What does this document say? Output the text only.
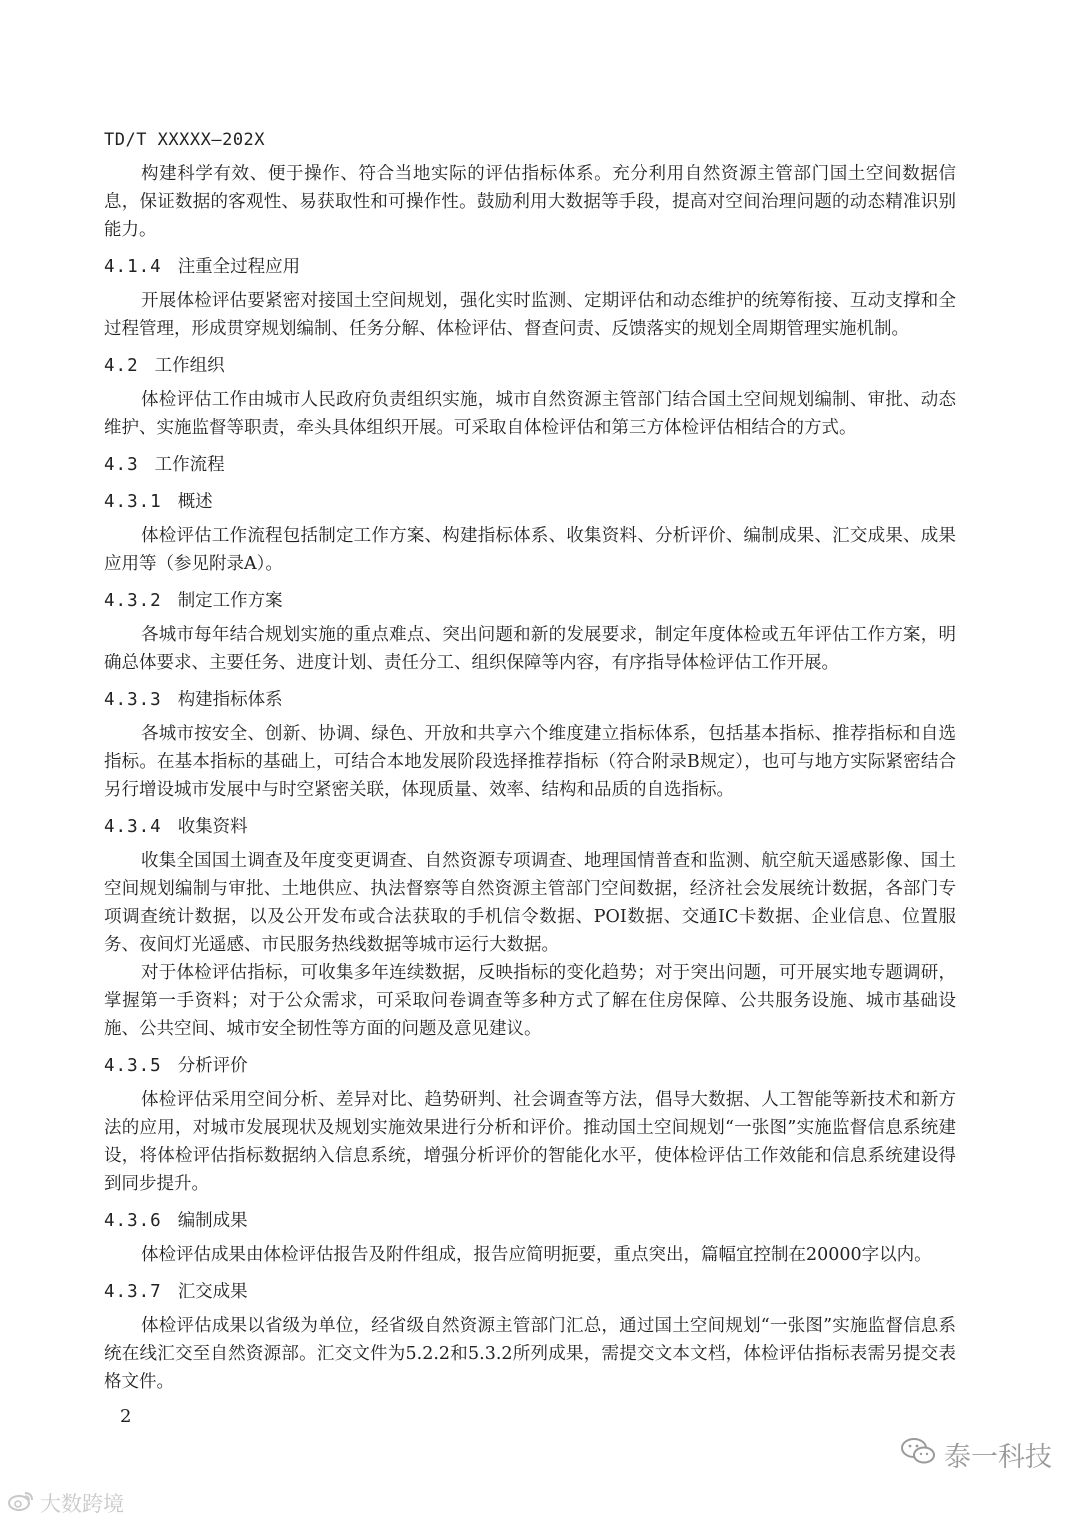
TD/T XXXXX—202X

构建科学有效、便于操作、符合当地实际的评估指标体系。充分利用自然资源主管部门国土空间数据信息，保证数据的客观性、易获取性和可操作性。鼓励利用大数据等手段，提高对空间治理问题的动态精准识别能力。

4.1.4 注重全过程应用

开展体检评估要紧密对接国土空间规划，强化实时监测、定期评估和动态维护的统筹衔接、互动支撑和全过程管理，形成贯穿规划编制、任务分解、体检评估、督查问责、反馈落实的规划全周期管理实施机制。

4.2 工作组织

体检评估工作由城市人民政府负责组织实施，城市自然资源主管部门结合国土空间规划编制、审批、动态维护、实施监督等职责，牵头具体组织开展。可采取自体检评估和第三方体检评估相结合的方式。

4.3 工作流程
4.3.1 概述

体检评估工作流程包括制定工作方案、构建指标体系、收集资料、分析评价、编制成果、汇交成果、成果应用等（参见附录A）。

4.3.2 制定工作方案

各城市每年结合规划实施的重点难点、突出问题和新的发展要求，制定年度体检或五年评估工作方案，明确总体要求、主要任务、进度计划、责任分工、组织保障等内容，有序指导体检评估工作开展。

4.3.3 构建指标体系

各城市按安全、创新、协调、绿色、开放和共享六个维度建立指标体系，包括基本指标、推荐指标和自选指标。在基本指标的基础上，可结合本地发展阶段选择推荐指标（符合附录B规定），也可与地方实际紧密结合另行增设城市发展中与时空紧密关联，体现质量、效率、结构和品质的自选指标。

4.3.4 收集资料

收集全国国土调查及年度变更调查、自然资源专项调查、地理国情普查和监测、航空航天遥感影像、国土空间规划编制与审批、土地供应、执法督察等自然资源主管部门空间数据，经济社会发展统计数据，各部门专项调查统计数据，以及公开发布或合法获取的手机信令数据、POI数据、交通IC卡数据、企业信息、位置服务、夜间灯光遥感、市民服务热线数据等城市运行大数据。

对于体检评估指标，可收集多年连续数据，反映指标的变化趋势；对于突出问题，可开展实地专题调研，掌握第一手资料；对于公众需求，可采取问卷调查等多种方式了解在住房保障、公共服务设施、城市基础设施、公共空间、城市安全韧性等方面的问题及意见建议。

4.3.5 分析评价

体检评估采用空间分析、差异对比、趋势研判、社会调查等方法，倡导大数据、人工智能等新技术和新方法的应用，对城市发展现状及规划实施效果进行分析和评价。推动国土空间规划“一张图”实施监督信息系统建设，将体检评估指标数据纳入信息系统，增强分析评价的智能化水平，使体检评估工作效能和信息系统建设得到同步提升。

4.3.6 编制成果

体检评估成果由体检评估报告及附件组成，报告应简明扼要，重点突出，篇幅宜控制在20000字以内。

4.3.7 汇交成果

体检评估成果以省级为单位，经省级自然资源主管部门汇总，通过国土空间规划“一张图”实施监督信息系统在线汇交至自然资源部。汇交文件为5.2.2和5.3.2所列成果，需提交文本文档，体检评估指标表需另提交表格文件。

2
大数跨境
泰一科技
